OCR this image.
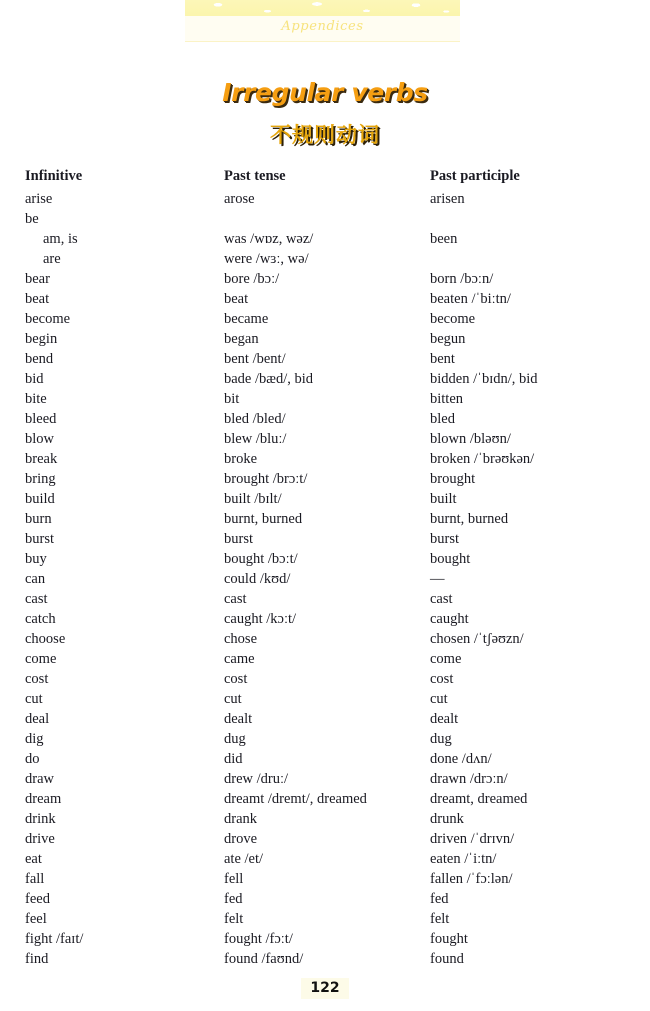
Appendices
Irregular verbs
不规则动词
Infinitive	Past tense	Past participle
arise	arose	arisen
be
am, is	was /wɒz, wəz/	been
are	were /wɜː, wə/
bear	bore /bɔː/	born /bɔːn/
beat	beat	beaten /ˈbiːtn/
become	became	become
begin	began	begun
bend	bent /bent/	bent
bid	bade /bæd/, bid	bidden /ˈbɪdn/, bid
bite	bit	bitten
bleed	bled /bled/	bled
blow	blew /bluː/	blown /bləʊn/
break	broke	broken /ˈbrəʊkən/
bring	brought /brɔːt/	brought
build	built /bɪlt/	built
burn	burnt, burned	burnt, burned
burst	burst	burst
buy	bought /bɔːt/	bought
can	could /kʊd/	—
cast	cast	cast
catch	caught /kɔːt/	caught
choose	chose	chosen /ˈtʃəʊzn/
come	came	come
cost	cost	cost
cut	cut	cut
deal	dealt	dealt
dig	dug	dug
do	did	done /dʌn/
draw	drew /druː/	drawn /drɔːn/
dream	dreamt /dremt/, dreamed	dreamt, dreamed
drink	drank	drunk
drive	drove	driven /ˈdrɪvn/
eat	ate /et/	eaten /ˈiːtn/
fall	fell	fallen /ˈfɔːlən/
feed	fed	fed
feel	felt	felt
fight /faɪt/	fought /fɔːt/	fought
find	found /faʊnd/	found
122
